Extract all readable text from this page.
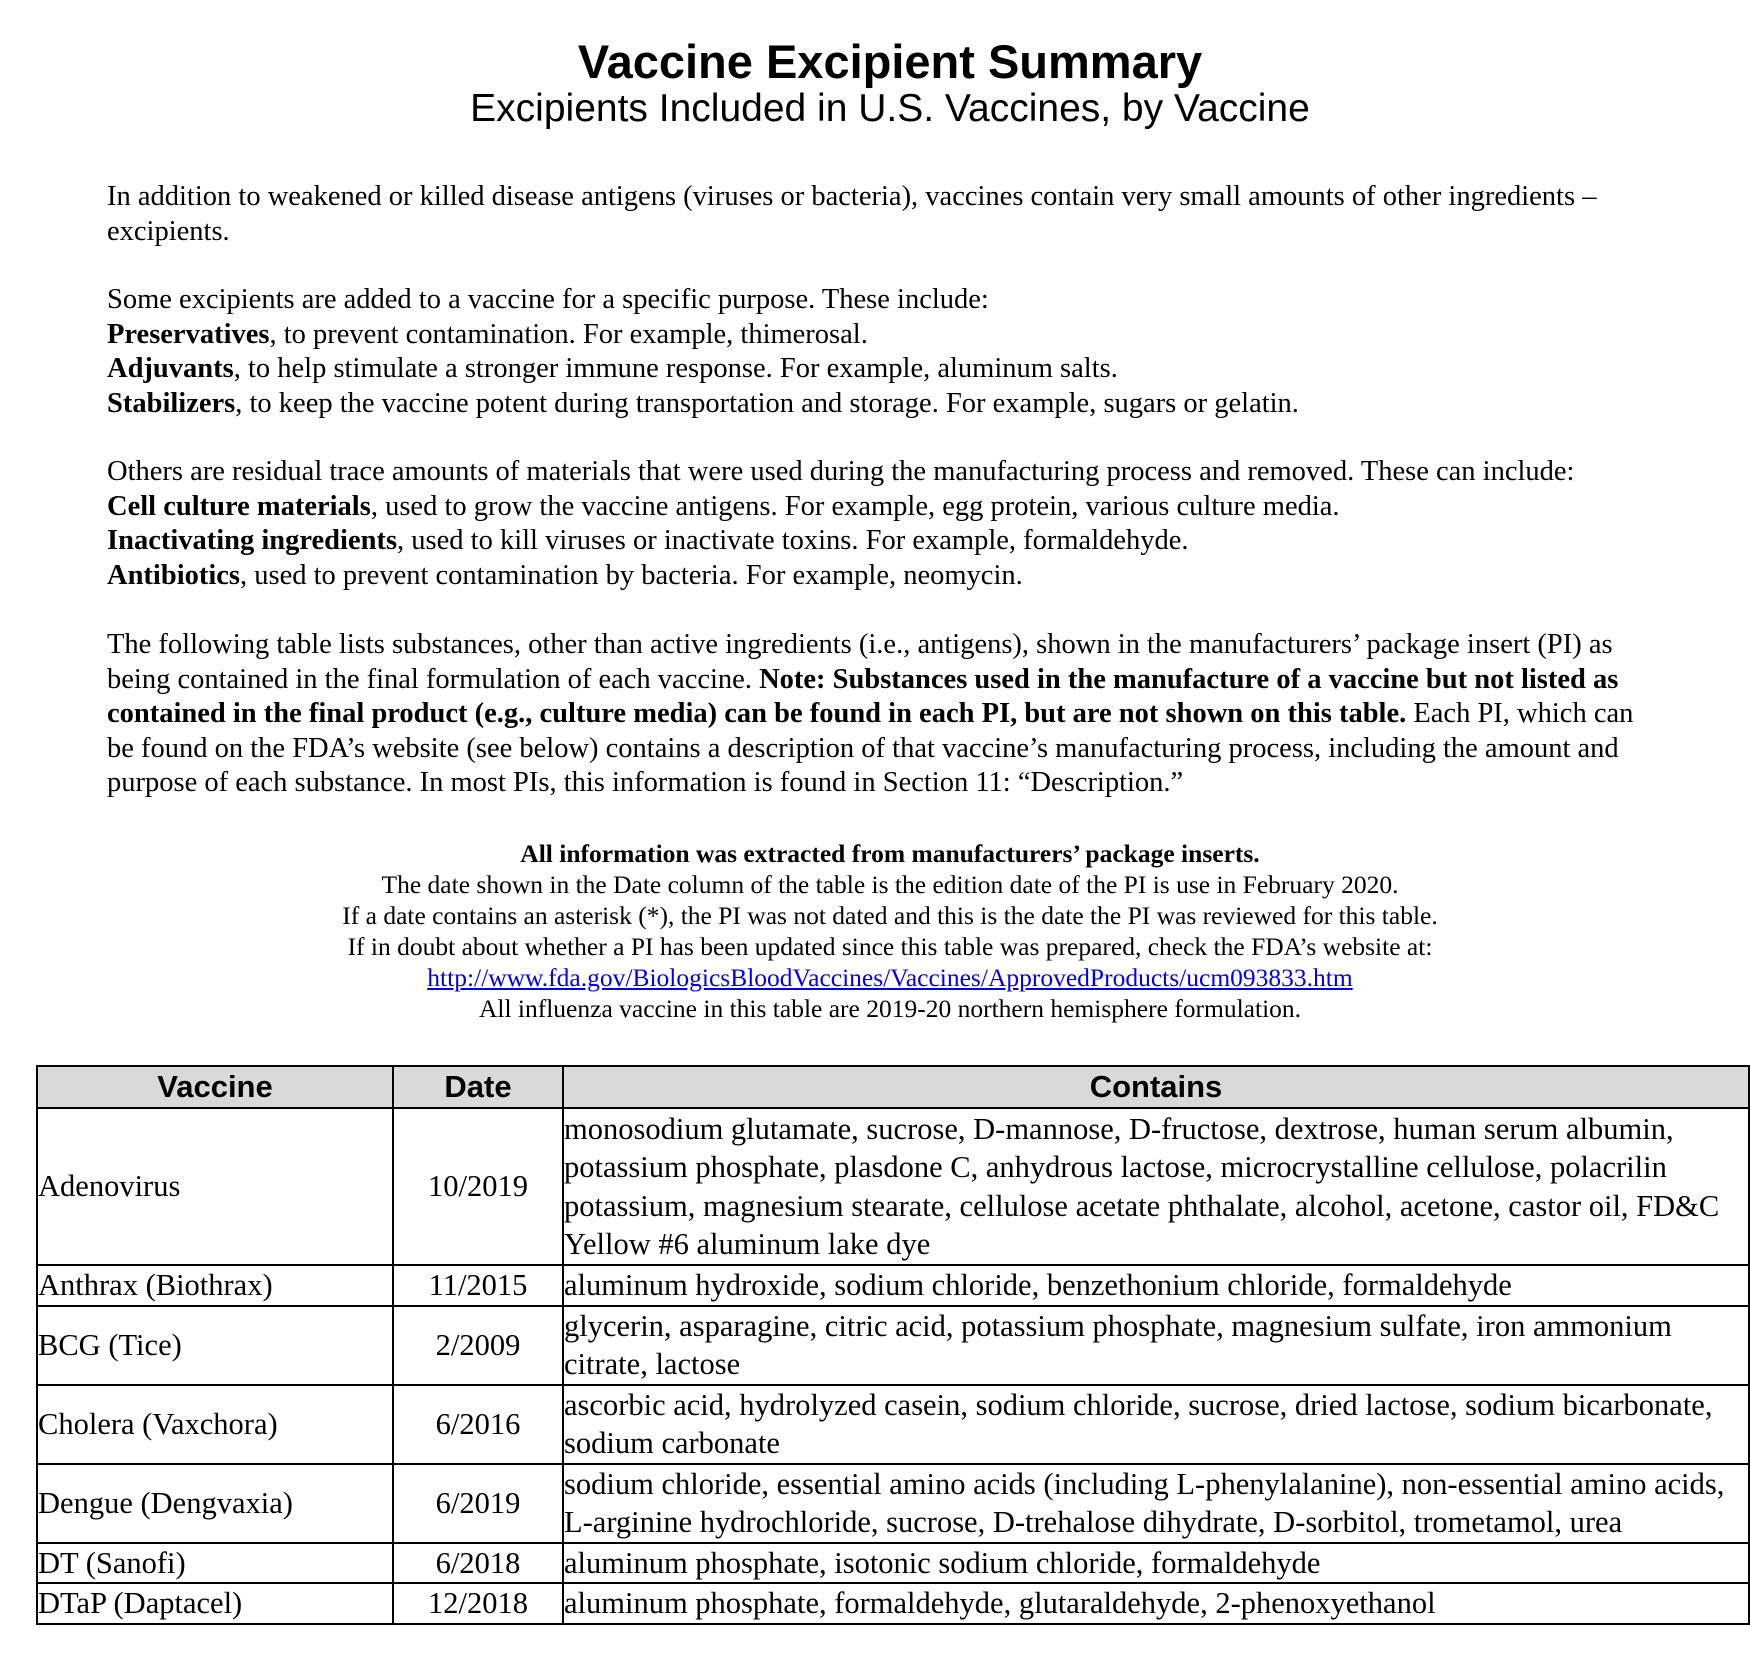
Vaccine Excipient Summary
Excipients Included in U.S. Vaccines, by Vaccine

In addition to weakened or killed disease antigens (viruses or bacteria), vaccines contain very small amounts of other ingredients – excipients.

Some excipients are added to a vaccine for a specific purpose. These include:

Preservatives, to prevent contamination. For example, thimerosal.

Adjuvants, to help stimulate a stronger immune response. For example, aluminum salts.

Stabilizers, to keep the vaccine potent during transportation and storage. For example, sugars or gelatin.

Others are residual trace amounts of materials that were used during the manufacturing process and removed. These can include:

Cell culture materials, used to grow the vaccine antigens. For example, egg protein, various culture media.

Inactivating ingredients, used to kill viruses or inactivate toxins. For example, formaldehyde.

Antibiotics, used to prevent contamination by bacteria. For example, neomycin.

The following table lists substances, other than active ingredients (i.e., antigens), shown in the manufacturers’ package insert (PI) as being contained in the final formulation of each vaccine. Note: Substances used in the manufacture of a vaccine but not listed as contained in the final product (e.g., culture media) can be found in each PI, but are not shown on this table. Each PI, which can be found on the FDA’s website (see below) contains a description of that vaccine’s manufacturing process, including the amount and purpose of each substance. In most PIs, this information is found in Section 11: “Description.”

All information was extracted from manufacturers’ package inserts.
The date shown in the Date column of the table is the edition date of the PI is use in February 2020.
If a date contains an asterisk (*), the PI was not dated and this is the date the PI was reviewed for this table.
If in doubt about whether a PI has been updated since this table was prepared, check the FDA’s website at:
http://www.fda.gov/BiologicsBloodVaccines/Vaccines/ApprovedProducts/ucm093833.htm
All influenza vaccine in this table are 2019-20 northern hemisphere formulation.
Vaccine	Date	Contains
Adenovirus	10/2019	monosodium glutamate, sucrose, D-mannose, D-fructose, dextrose, human serum albumin, potassium phosphate, plasdone C, anhydrous lactose, microcrystalline cellulose, polacrilin potassium, magnesium stearate, cellulose acetate phthalate, alcohol, acetone, castor oil, FD&C Yellow #6 aluminum lake dye
Anthrax (Biothrax)	11/2015	aluminum hydroxide, sodium chloride, benzethonium chloride, formaldehyde
BCG (Tice)	2/2009	glycerin, asparagine, citric acid, potassium phosphate, magnesium sulfate, iron ammonium citrate, lactose
Cholera (Vaxchora)	6/2016	ascorbic acid, hydrolyzed casein, sodium chloride, sucrose, dried lactose, sodium bicarbonate, sodium carbonate
Dengue (Dengvaxia)	6/2019	sodium chloride, essential amino acids (including L-phenylalanine), non-essential amino acids, L-arginine hydrochloride, sucrose, D-trehalose dihydrate, D-sorbitol, trometamol, urea
DT (Sanofi)	6/2018	aluminum phosphate, isotonic sodium chloride, formaldehyde
DTaP (Daptacel)	12/2018	aluminum phosphate, formaldehyde, glutaraldehyde, 2-phenoxyethanol
